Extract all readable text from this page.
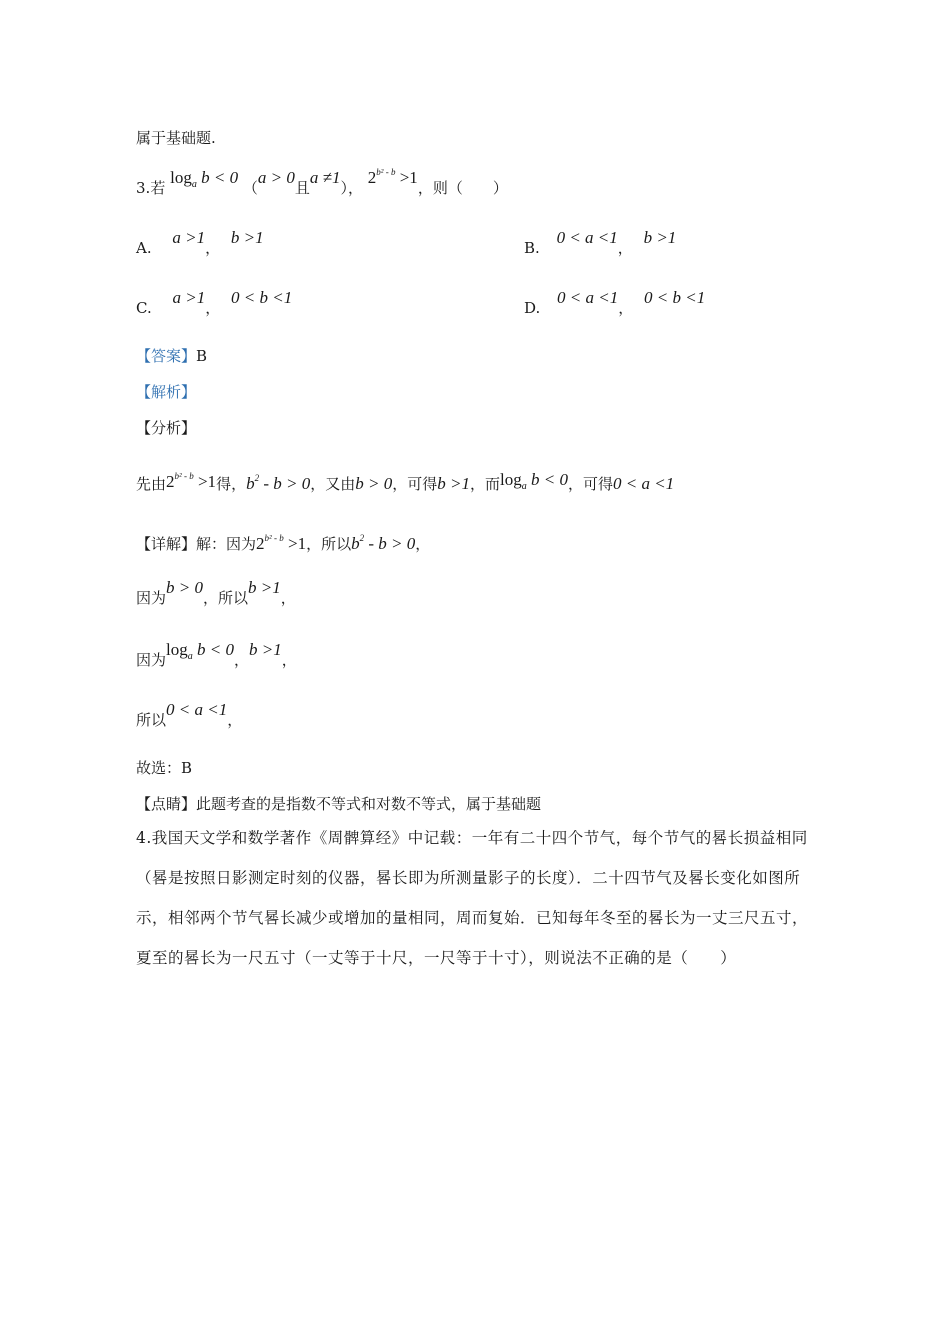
属于基础题.
3.若 $\log_a b < 0$ （a > 0且a ≠1）， $2^{b^2 - b} >1$，则（　　）
A. a >1， b >1
B. 0 < a <1， b >1
C. a >1， 0 < b <1
D. 0 < a <1， 0 < b <1
【答案】B
【解析】
【分析】
先由$2^{b^2 - b} >1$得，$b^2 - b > 0$，又由b > 0，可得b >1，而$\log_a b < 0$，可得0 < a <1
【详解】解：因为$2^{b^2 - b} >1$，所以$b^2 - b > 0$，
因为b > 0，所以b >1，
因为$\log_a b < 0$，b >1，
所以0 < a <1，
故选：B
【点睛】此题考查的是指数不等式和对数不等式，属于基础题
4.我国天文学和数学著作《周髀算经》中记载：一年有二十四个节气，每个节气的晷长损益相同（晷是按照日影测定时刻的仪器，晷长即为所测量影子的长度）．二十四节气及晷长变化如图所示，相邻两个节气晷长减少或增加的量相同，周而复始．已知每年冬至的晷长为一丈三尺五寸，夏至的晷长为一尺五寸（一丈等于十尺，一尺等于十寸），则说法不正确的是（　　）
